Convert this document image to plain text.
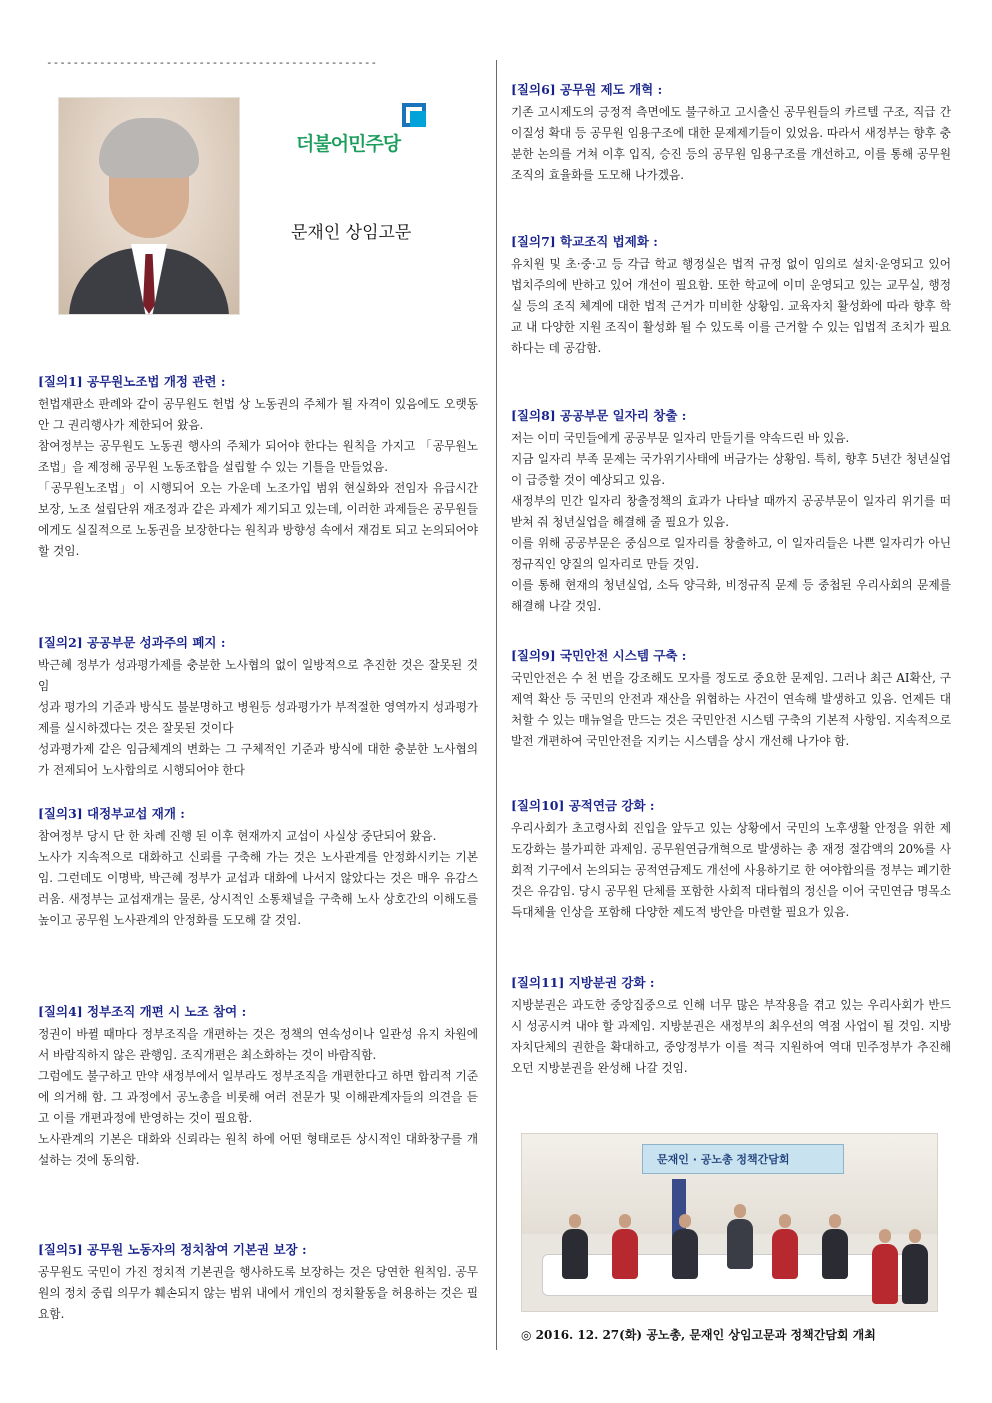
--------------------------------------------------
더불어민주당
문재인 상임고문
[질의1] 공무원노조법 개정 관련 :

헌법재판소 판례와 같이 공무원도 헌법 상 노동권의 주체가 될 자격이 있음에도 오랫동안 그 권리행사가 제한되어 왔음.
참여정부는 공무원도 노동권 행사의 주체가 되어야 한다는 원칙을 가지고 「공무원노조법」을 제정해 공무원 노동조합을 설립할 수 있는 기틀을 만들었음.
「공무원노조법」이 시행되어 오는 가운데 노조가입 범위 현실화와 전임자 유급시간 보장, 노조 설립단위 재조정과 같은 과제가 제기되고 있는데, 이러한 과제들은 공무원들에게도 실질적으로 노동권을 보장한다는 원칙과 방향성 속에서 재검토 되고 논의되어야 할 것임.

[질의2] 공공부문 성과주의 폐지 :

박근혜 정부가 성과평가제를 충분한 노사협의 없이 일방적으로 추진한 것은 잘못된 것임
성과 평가의 기준과 방식도 불분명하고 병원등 성과평가가 부적절한 영역까지 성과평가제를 실시하겠다는 것은 잘못된 것이다
성과평가제 같은 임금체계의 변화는 그 구체적인 기준과 방식에 대한 충분한 노사협의가 전제되어 노사합의로 시행되어야 한다

[질의3] 대정부교섭 재개 :

참여정부 당시 단 한 차례 진행 된 이후 현재까지 교섭이 사실상 중단되어 왔음.
노사가 지속적으로 대화하고 신뢰를 구축해 가는 것은 노사관계를 안정화시키는 기본임. 그런데도 이명박, 박근혜 정부가 교섭과 대화에 나서지 않았다는 것은 매우 유감스러움. 새정부는 교섭재개는 물론, 상시적인 소통채널을 구축해 노사 상호간의 이해도를 높이고 공무원 노사관계의 안정화를 도모해 갈 것임.

[질의4] 정부조직 개편 시 노조 참여 :

정권이 바뀔 때마다 정부조직을 개편하는 것은 정책의 연속성이나 일관성 유지 차원에서 바람직하지 않은 관행임. 조직개편은 최소화하는 것이 바람직함.
그럼에도 불구하고 만약 새정부에서 일부라도 정부조직을 개편한다고 하면 합리적 기준에 의거해 함. 그 과정에서 공노총을 비롯해 여러 전문가 및 이해관계자들의 의견을 듣고 이를 개편과정에 반영하는 것이 필요함.
노사관계의 기본은 대화와 신뢰라는 원칙 하에 어떤 형태로든 상시적인 대화창구를 개설하는 것에 동의함.

[질의5] 공무원 노동자의 정치참여 기본권 보장 :

공무원도 국민이 가진 정치적 기본권을 행사하도록 보장하는 것은 당연한 원칙임. 공무원의 정치 중립 의무가 훼손되지 않는 범위 내에서 개인의 정치활동을 허용하는 것은 필요함.

[질의6] 공무원 제도 개혁 :

기존 고시제도의 긍정적 측면에도 불구하고 고시출신 공무원들의 카르텔 구조, 직급 간 이질성 확대 등 공무원 임용구조에 대한 문제제기들이 있었음. 따라서 새정부는 향후 충분한 논의를 거쳐 이후 입직, 승진 등의 공무원 임용구조를 개선하고, 이를 통해 공무원 조직의 효율화를 도모해 나가겠음.

[질의7] 학교조직 법제화 :

유치원 및 초·중·고 등 각급 학교 행정실은 법적 규정 없이 임의로 설치·운영되고 있어 법치주의에 반하고 있어 개선이 필요함. 또한 학교에 이미 운영되고 있는 교무실, 행정실 등의 조직 체계에 대한 법적 근거가 미비한 상황임. 교육자치 활성화에 따라 향후 학교 내 다양한 지원 조직이 활성화 될 수 있도록 이를 근거할 수 있는 입법적 조치가 필요하다는 데 공감함.

[질의8] 공공부문 일자리 창출 :

저는 이미 국민들에게 공공부문 일자리 만들기를 약속드린 바 있음.
지금 일자리 부족 문제는 국가위기사태에 버금가는 상황임. 특히, 향후 5년간 청년실업이 급증할 것이 예상되고 있음.
새정부의 민간 일자리 창출정책의 효과가 나타날 때까지 공공부문이 일자리 위기를 떠받쳐 줘 청년실업을 해결해 줄 필요가 있음.
이를 위해 공공부문은 중심으로 일자리를 창출하고, 이 일자리들은 나쁜 일자리가 아닌 정규직인 양질의 일자리로 만들 것임.
이를 통해 현재의 청년실업, 소득 양극화, 비정규직 문제 등 중첩된 우리사회의 문제를 해결해 나갈 것임.

[질의9] 국민안전 시스템 구축 :

국민안전은 수 천 번을 강조해도 모자를 정도로 중요한 문제임. 그러나 최근 AI확산, 구제역 확산 등 국민의 안전과 재산을 위협하는 사건이 연속해 발생하고 있음. 언제든 대처할 수 있는 매뉴얼을 만드는 것은 국민안전 시스템 구축의 기본적 사항임. 지속적으로 발전 개편하여 국민안전을 지키는 시스템을 상시 개선해 나가야 함.

[질의10] 공적연금 강화 :

우리사회가 초고령사회 진입을 앞두고 있는 상황에서 국민의 노후생활 안정을 위한 제도강화는 불가피한 과제임. 공무원연금개혁으로 발생하는 총 재정 절감액의 20%를 사회적 기구에서 논의되는 공적연금제도 개선에 사용하기로 한 여야합의를 정부는 폐기한 것은 유감임. 당시 공무원 단체를 포함한 사회적 대타협의 정신을 이어 국민연금 명목소득대체율 인상을 포함해 다양한 제도적 방안을 마련할 필요가 있음.

[질의11] 지방분권 강화 :

지방분권은 과도한 중앙집중으로 인해 너무 많은 부작용을 겪고 있는 우리사회가 반드시 성공시켜 내야 할 과제임. 지방분권은 새정부의 최우선의 역점 사업이 될 것임. 지방자치단체의 권한을 확대하고, 중앙정부가 이를 적극 지원하여 역대 민주정부가 추진해오던 지방분권을 완성해 나갈 것임.

문재인 · 공노총 정책간담회
◎ 2016. 12. 27(화) 공노총, 문재인 상임고문과 정책간담회 개최
